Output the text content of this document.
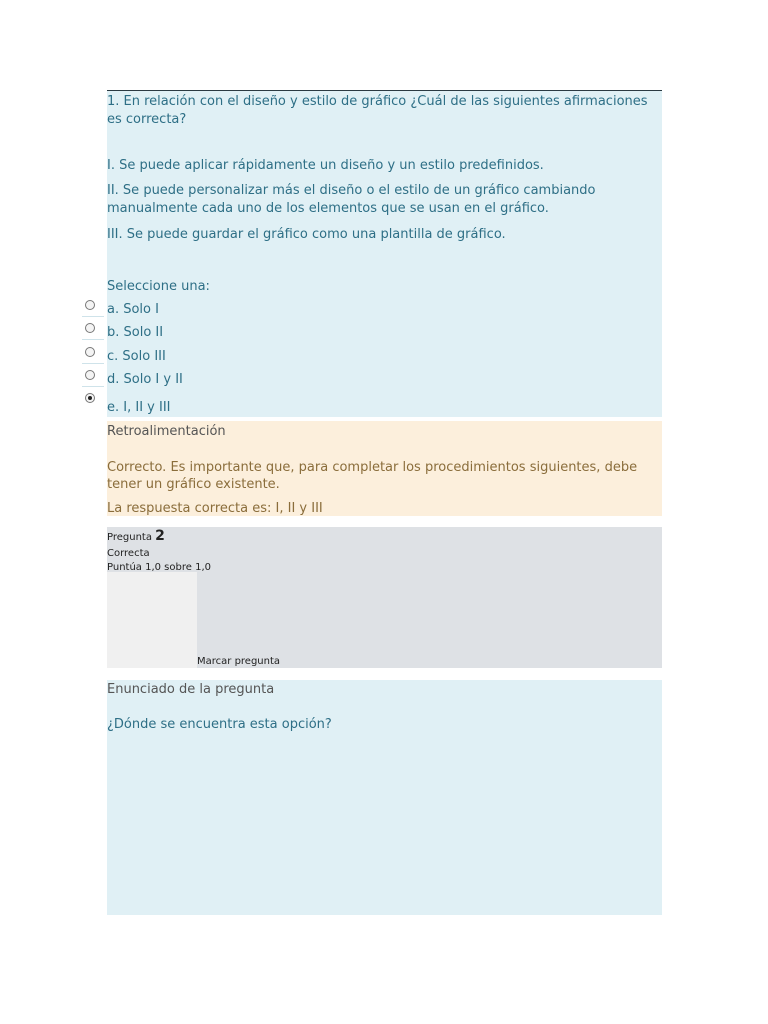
1. En relación con el diseño y estilo de gráfico ¿Cuál de las siguientes afirmaciones es correcta?
I. Se puede aplicar rápidamente un diseño y un estilo predefinidos.
II. Se puede personalizar más el diseño o el estilo de un gráfico cambiando manualmente cada uno de los elementos que se usan en el gráfico.
III. Se puede guardar el gráfico como una plantilla de gráfico.
Seleccione una:
a. Solo I
b. Solo II
c. Solo III
d. Solo I y II
e. I, II y III
Retroalimentación
Correcto. Es importante que, para completar los procedimientos siguientes, debe tener un gráfico existente.
La respuesta correcta es: I, II y III
Pregunta 2
Correcta
Puntúa 1,0 sobre 1,0
Marcar pregunta
Enunciado de la pregunta
¿Dónde se encuentra esta opción?
